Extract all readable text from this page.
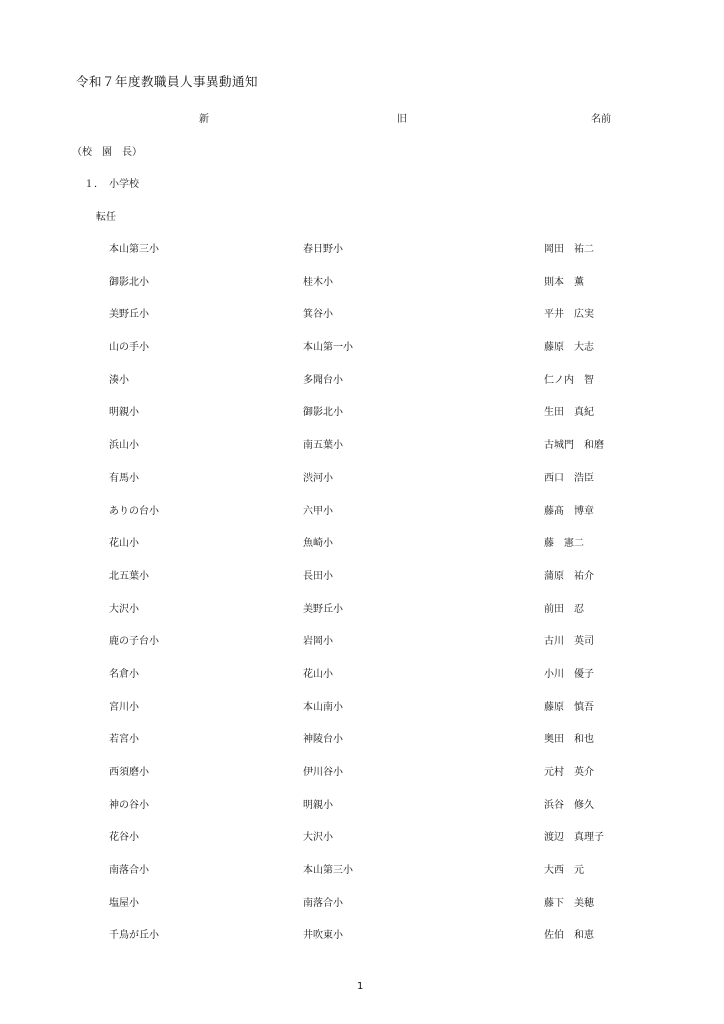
令和７年度教職員人事異動通知
新	旧	名前
（校　園　長）
１．　小学校
転任
本山第三小	春日野小	岡田　祐二
御影北小	桂木小	則本　薫
美野丘小	箕谷小	平井　広実
山の手小	本山第一小	藤原　大志
湊小	多聞台小	仁ノ内　智
明親小	御影北小	生田　真紀
浜山小	南五葉小	古城門　和磨
有馬小	渋河小	西口　浩臣
ありの台小	六甲小	藤髙　博章
花山小	魚崎小	藤　憲二
北五葉小	長田小	蒲原　祐介
大沢小	美野丘小	前田　忍
鹿の子台小	岩岡小	古川　英司
名倉小	花山小	小川　優子
宮川小	本山南小	藤原　慎吾
若宮小	神陵台小	奥田　和也
西須磨小	伊川谷小	元村　英介
神の谷小	明親小	浜谷　修久
花谷小	大沢小	渡辺　真理子
南落合小	本山第三小	大西　元
塩屋小	南落合小	藤下　美穂
千鳥が丘小	井吹東小	佐伯　和恵
1
